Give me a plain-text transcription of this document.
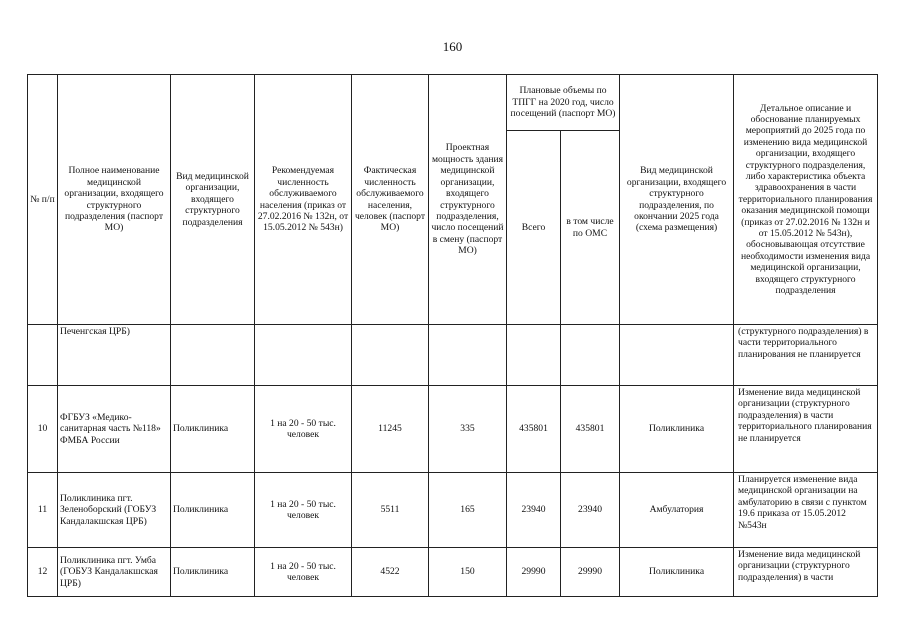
160
№ п/п	Полное наименование медицинской организации, входящего структурного подразделения (паспорт МО)	Вид медицинской организации, входящего структурного подразделения	Рекомендуемая численность обслуживаемого населения (приказ от 27.02.2016 № 132н, от 15.05.2012 № 543н)	Фактическая численность обслуживаемого населения, человек (паспорт МО)	Проектная мощность здания медицинской организации, входящего структурного подразделения, число посещений в смену (паспорт МО)	Плановые объемы по ТПГГ на 2020 год, число посещений (паспорт МО)		Вид медицинской организации, входящего структурного подразделения, по окончании 2025 года (схема размещения)	Детальное описание и обоснование планируемых мероприятий до 2025 года по изменению вида медицинской организации, входящего структурного подразделения, либо характеристика объекта здравоохранения в части территориального планирования оказания медицинской помощи (приказ от 27.02.2016 № 132н и от 15.05.2012 № 543н), обосновывающая отсутствие необходимости изменения вида медицинской организации, входящего структурного подразделения
						Всего	в том числе по ОМС		
	Печенгская ЦРБ)								(структурного подразделения) в части территориального планирования не планируется
10	ФГБУЗ «Медико-санитарная часть №118» ФМБА России	Поликлиника	1 на 20 - 50 тыс. человек	11245	335	435801	435801	Поликлиника	Изменение вида медицинской организации (структурного подразделения) в части территориального планирования не планируется
11	Поликлиника пгт. Зеленоборский (ГОБУЗ Кандалакшская ЦРБ)	Поликлиника	1 на 20 - 50 тыс. человек	5511	165	23940	23940	Амбулатория	Планируется изменение вида медицинской организации на амбулаторию в связи с пунктом 19.6 приказа от 15.05.2012 №543н
12	Поликлиника пгт. Умба (ГОБУЗ Кандалакшская ЦРБ)	Поликлиника	1 на 20 - 50 тыс. человек	4522	150	29990	29990	Поликлиника	Изменение вида медицинской организации (структурного подразделения) в части
